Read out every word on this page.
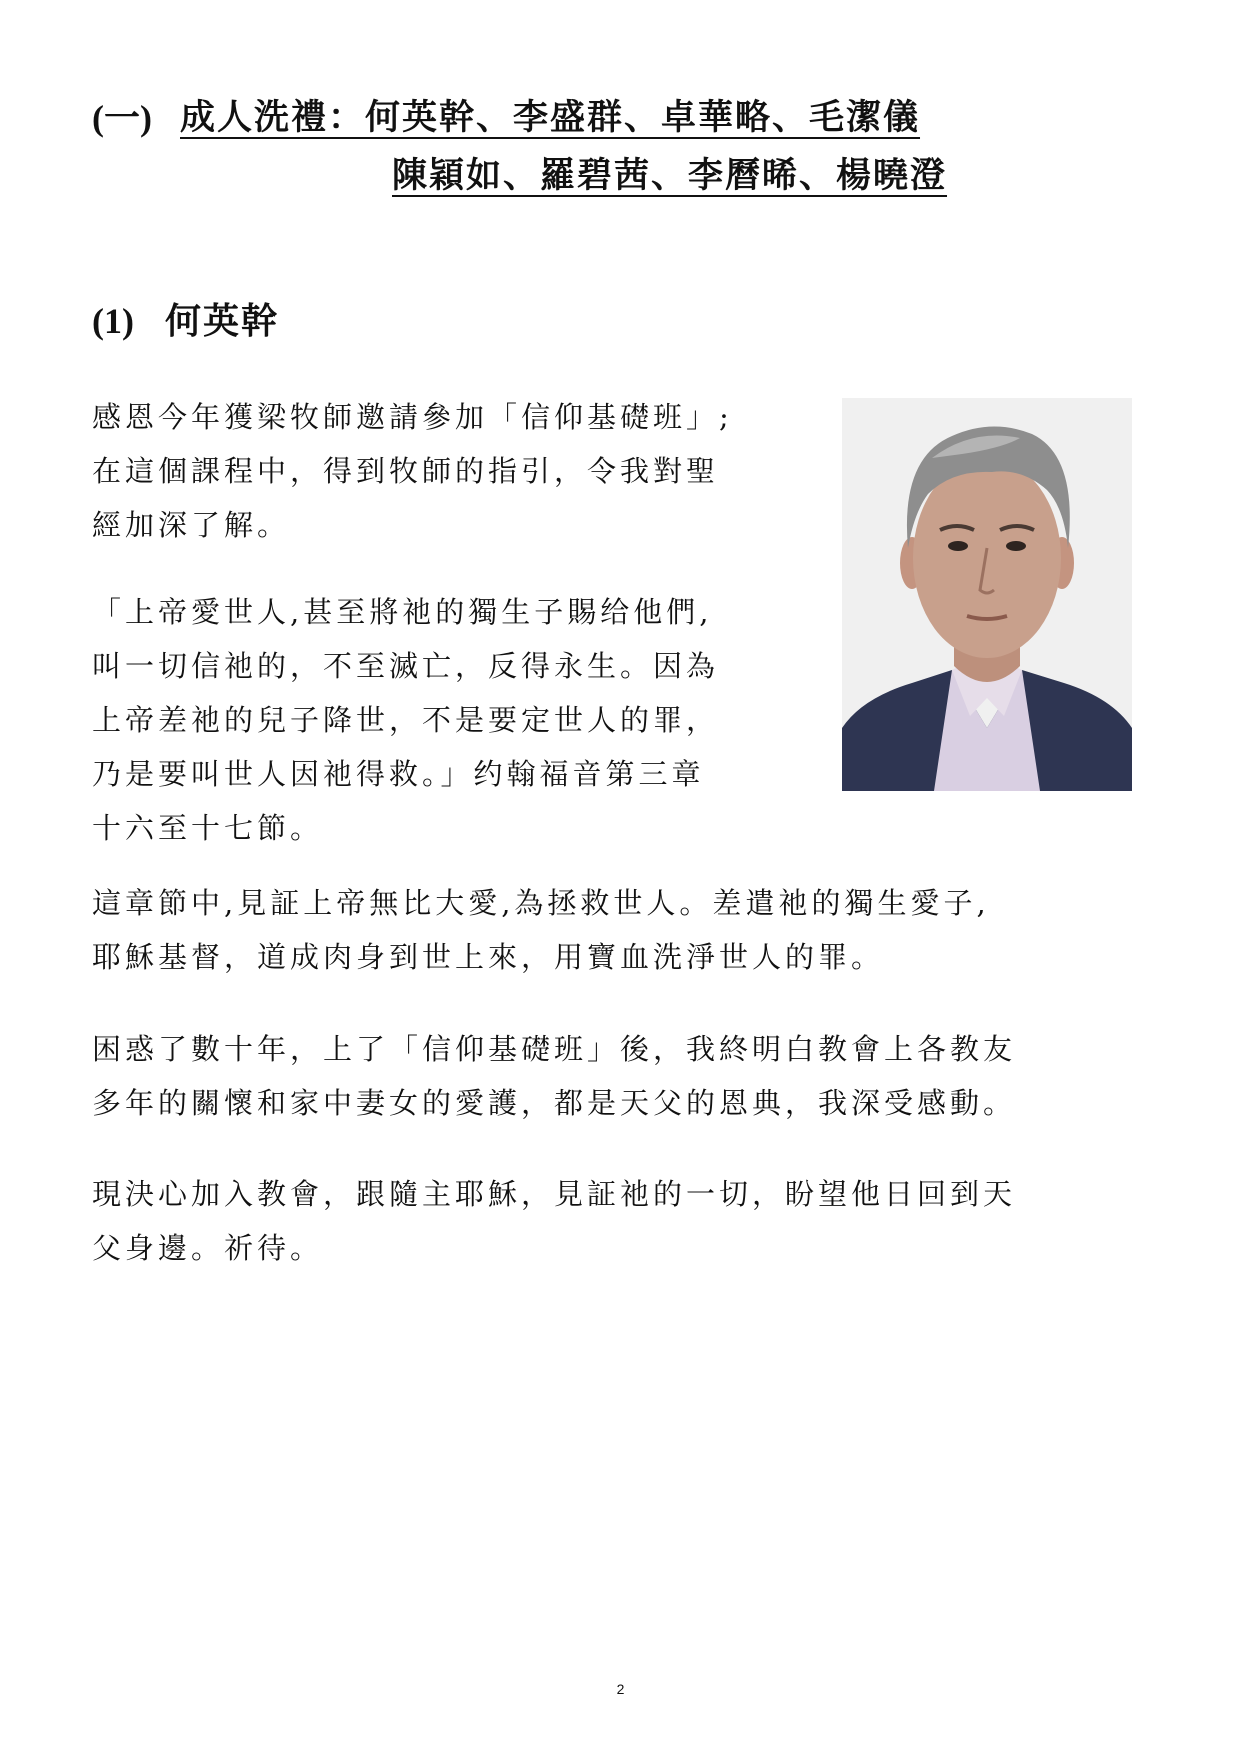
(一) 成人洗禮：何英幹、李盛群、卓華略、毛潔儀
陳穎如、羅碧茜、李曆晞、楊曉澄
(1) 何英幹

感恩今年獲梁牧師邀請參加「信仰基礎班」;
在這個課程中，得到牧師的指引，令我對聖
經加深了解。

「上帝愛世人,甚至將祂的獨生子賜给他們,
叫一切信祂的，不至滅亡，反得永生。因為
上帝差祂的兒子降世，不是要定世人的罪，
乃是要叫世人因祂得救。」约翰福音第三章
十六至十七節。

這章節中,見証上帝無比大愛,為拯救世人。差遣祂的獨生愛子,
耶穌基督，道成肉身到世上來，用寶血洗淨世人的罪。

困惑了數十年，上了「信仰基礎班」後，我終明白教會上各教友
多年的關懷和家中妻女的愛護，都是天父的恩典，我深受感動。

現決心加入教會，跟隨主耶穌，見証祂的一切，盼望他日回到天
父身邊。祈待。

2
